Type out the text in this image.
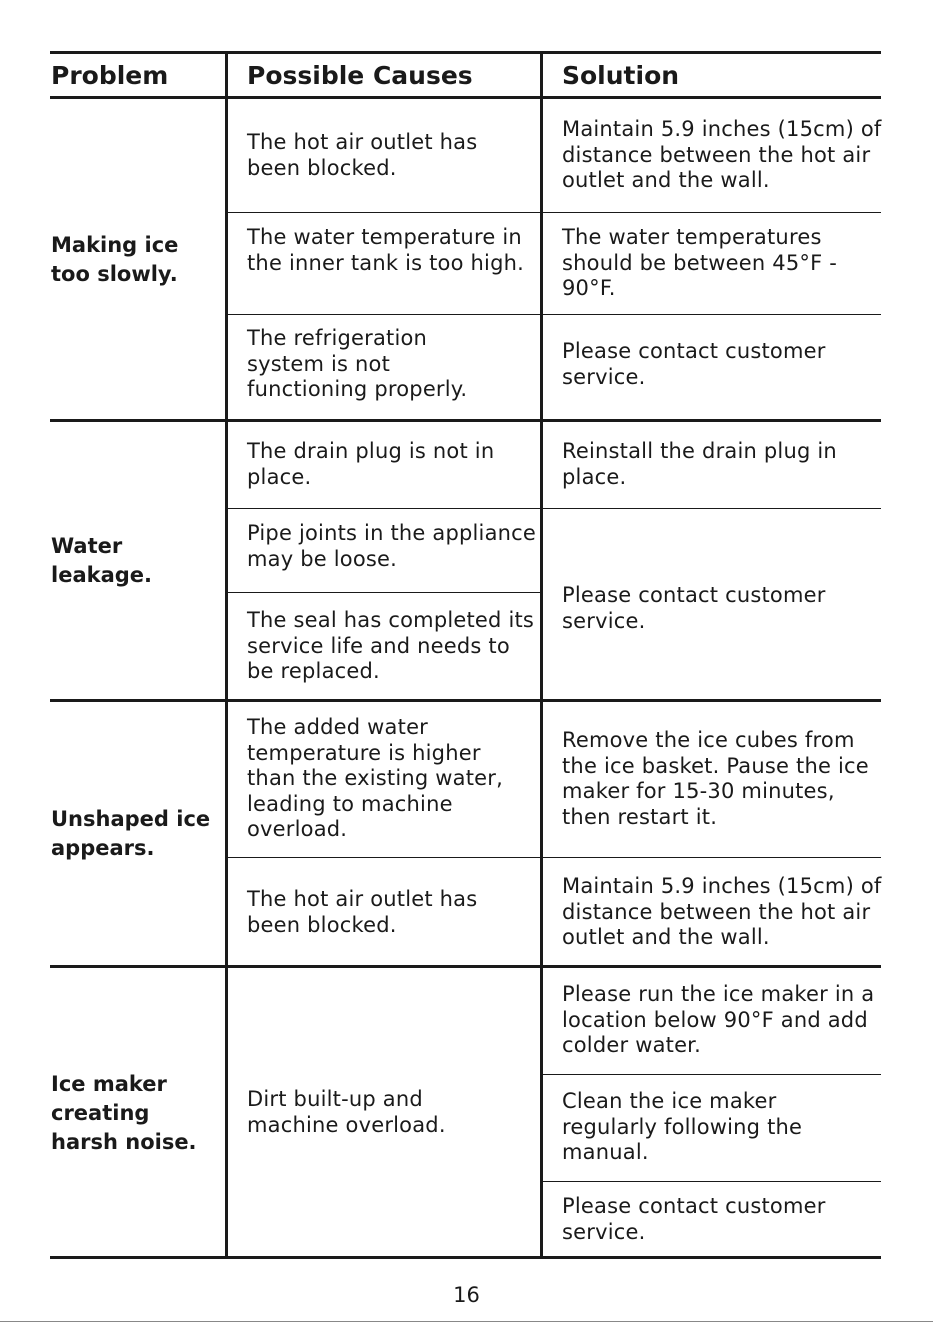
Problem	Possible Causes	Solution
Making ice too slowly.
The hot air outlet has been blocked.
Maintain 5.9 inches (15cm) of distance between the hot air outlet and the wall.
The water temperature in the inner tank is too high.
The water temperatures should be between 45°F - 90°F.
The refrigeration system is not functioning properly.
Please contact customer service.
Water leakage.
The drain plug is not in place.
Reinstall the drain plug in place.
Pipe joints in the appliance may be loose.
The seal has completed its service life and needs to be replaced.
Please contact customer service.
Unshaped ice appears.
The added water temperature is higher than the existing water, leading to machine overload.
Remove the ice cubes from the ice basket. Pause the ice maker for 15-30 minutes, then restart it.
The hot air outlet has been blocked.
Maintain 5.9 inches (15cm) of distance between the hot air outlet and the wall.
Ice maker creating harsh noise.
Dirt built-up and machine overload.
Please run the ice maker in a location below 90°F and add colder water.
Clean the ice maker regularly following the manual.
Please contact customer service.
16
